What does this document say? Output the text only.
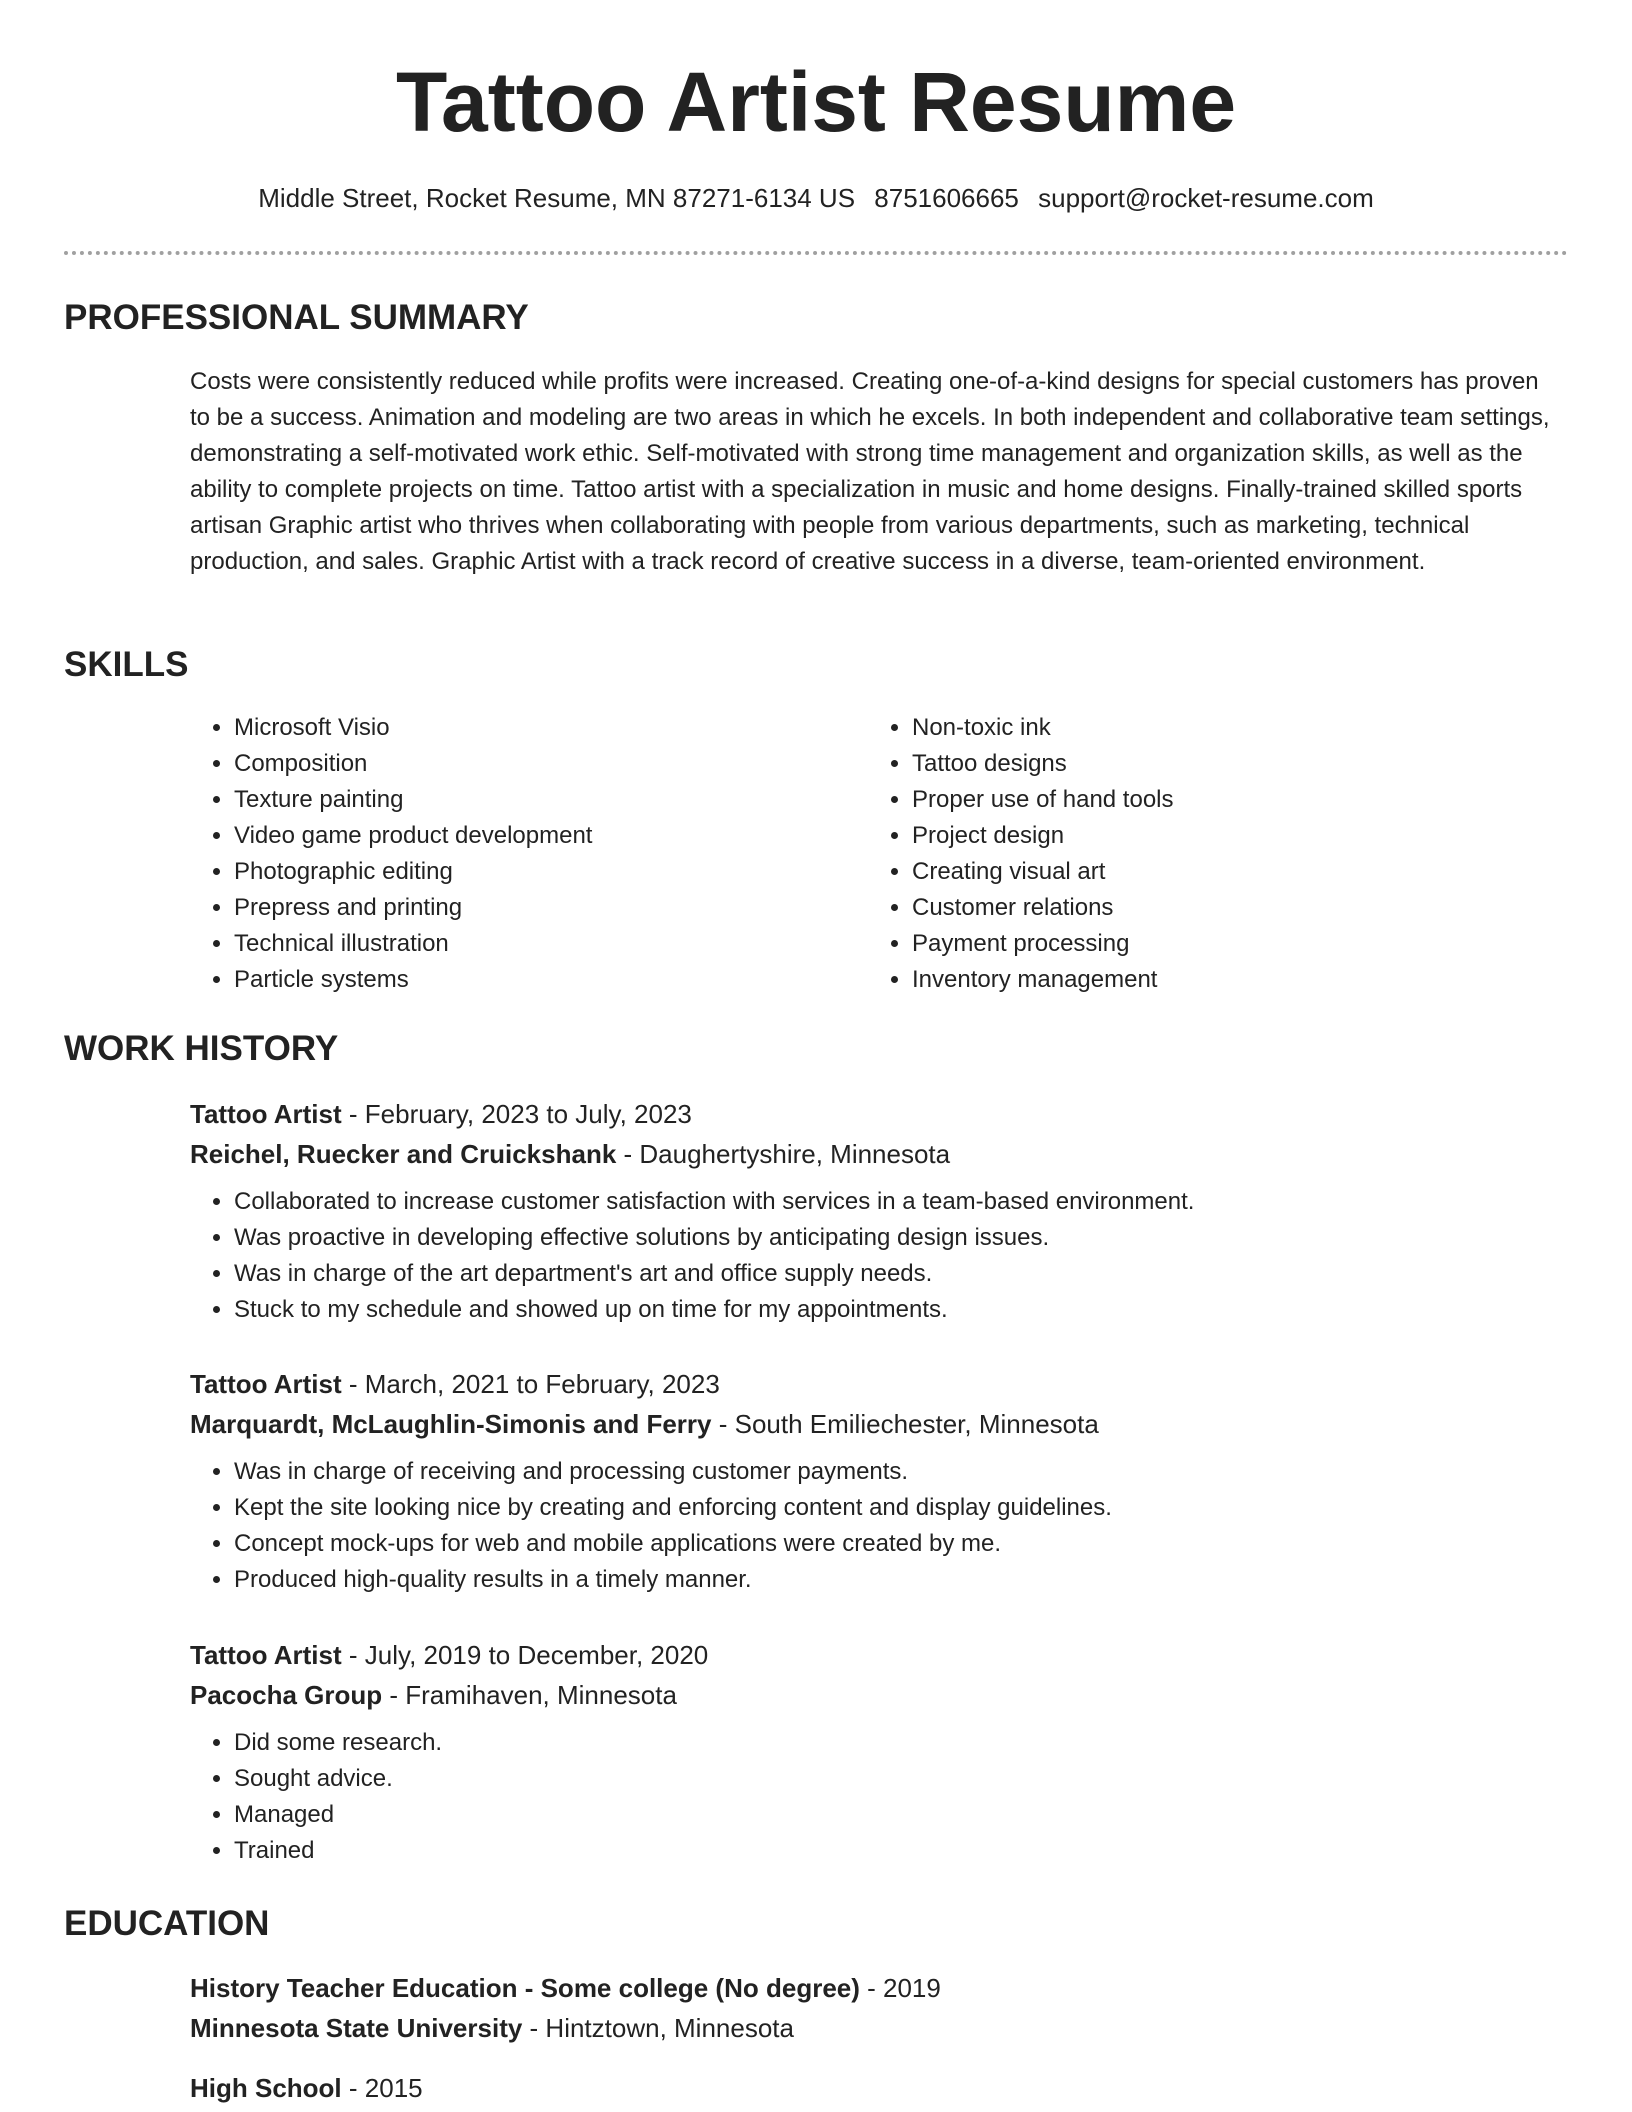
Tattoo Artist Resume
Middle Street, Rocket Resume, MN 87271-6134 US 8751606665 support@rocket-resume.com
PROFESSIONAL SUMMARY
Costs were consistently reduced while profits were increased. Creating one-of-a-kind designs for special customers has proven to be a success. Animation and modeling are two areas in which he excels. In both independent and collaborative team settings, demonstrating a self-motivated work ethic. Self-motivated with strong time management and organization skills, as well as the ability to complete projects on time. Tattoo artist with a specialization in music and home designs. Finally-trained skilled sports artisan Graphic artist who thrives when collaborating with people from various departments, such as marketing, technical production, and sales. Graphic Artist with a track record of creative success in a diverse, team-oriented environment.
SKILLS
• Microsoft Visio
• Composition
• Texture painting
• Video game product development
• Photographic editing
• Prepress and printing
• Technical illustration
• Particle systems
• Non-toxic ink
• Tattoo designs
• Proper use of hand tools
• Project design
• Creating visual art
• Customer relations
• Payment processing
• Inventory management
WORK HISTORY
Tattoo Artist - February, 2023 to July, 2023
Reichel, Ruecker and Cruickshank - Daughertyshire, Minnesota
• Collaborated to increase customer satisfaction with services in a team-based environment.
• Was proactive in developing effective solutions by anticipating design issues.
• Was in charge of the art department's art and office supply needs.
• Stuck to my schedule and showed up on time for my appointments.
Tattoo Artist - March, 2021 to February, 2023
Marquardt, McLaughlin-Simonis and Ferry - South Emiliechester, Minnesota
• Was in charge of receiving and processing customer payments.
• Kept the site looking nice by creating and enforcing content and display guidelines.
• Concept mock-ups for web and mobile applications were created by me.
• Produced high-quality results in a timely manner.
Tattoo Artist - July, 2019 to December, 2020
Pacocha Group - Framihaven, Minnesota
• Did some research.
• Sought advice.
• Managed
• Trained
EDUCATION
History Teacher Education - Some college (No degree) - 2019
Minnesota State University - Hintztown, Minnesota
High School - 2015
